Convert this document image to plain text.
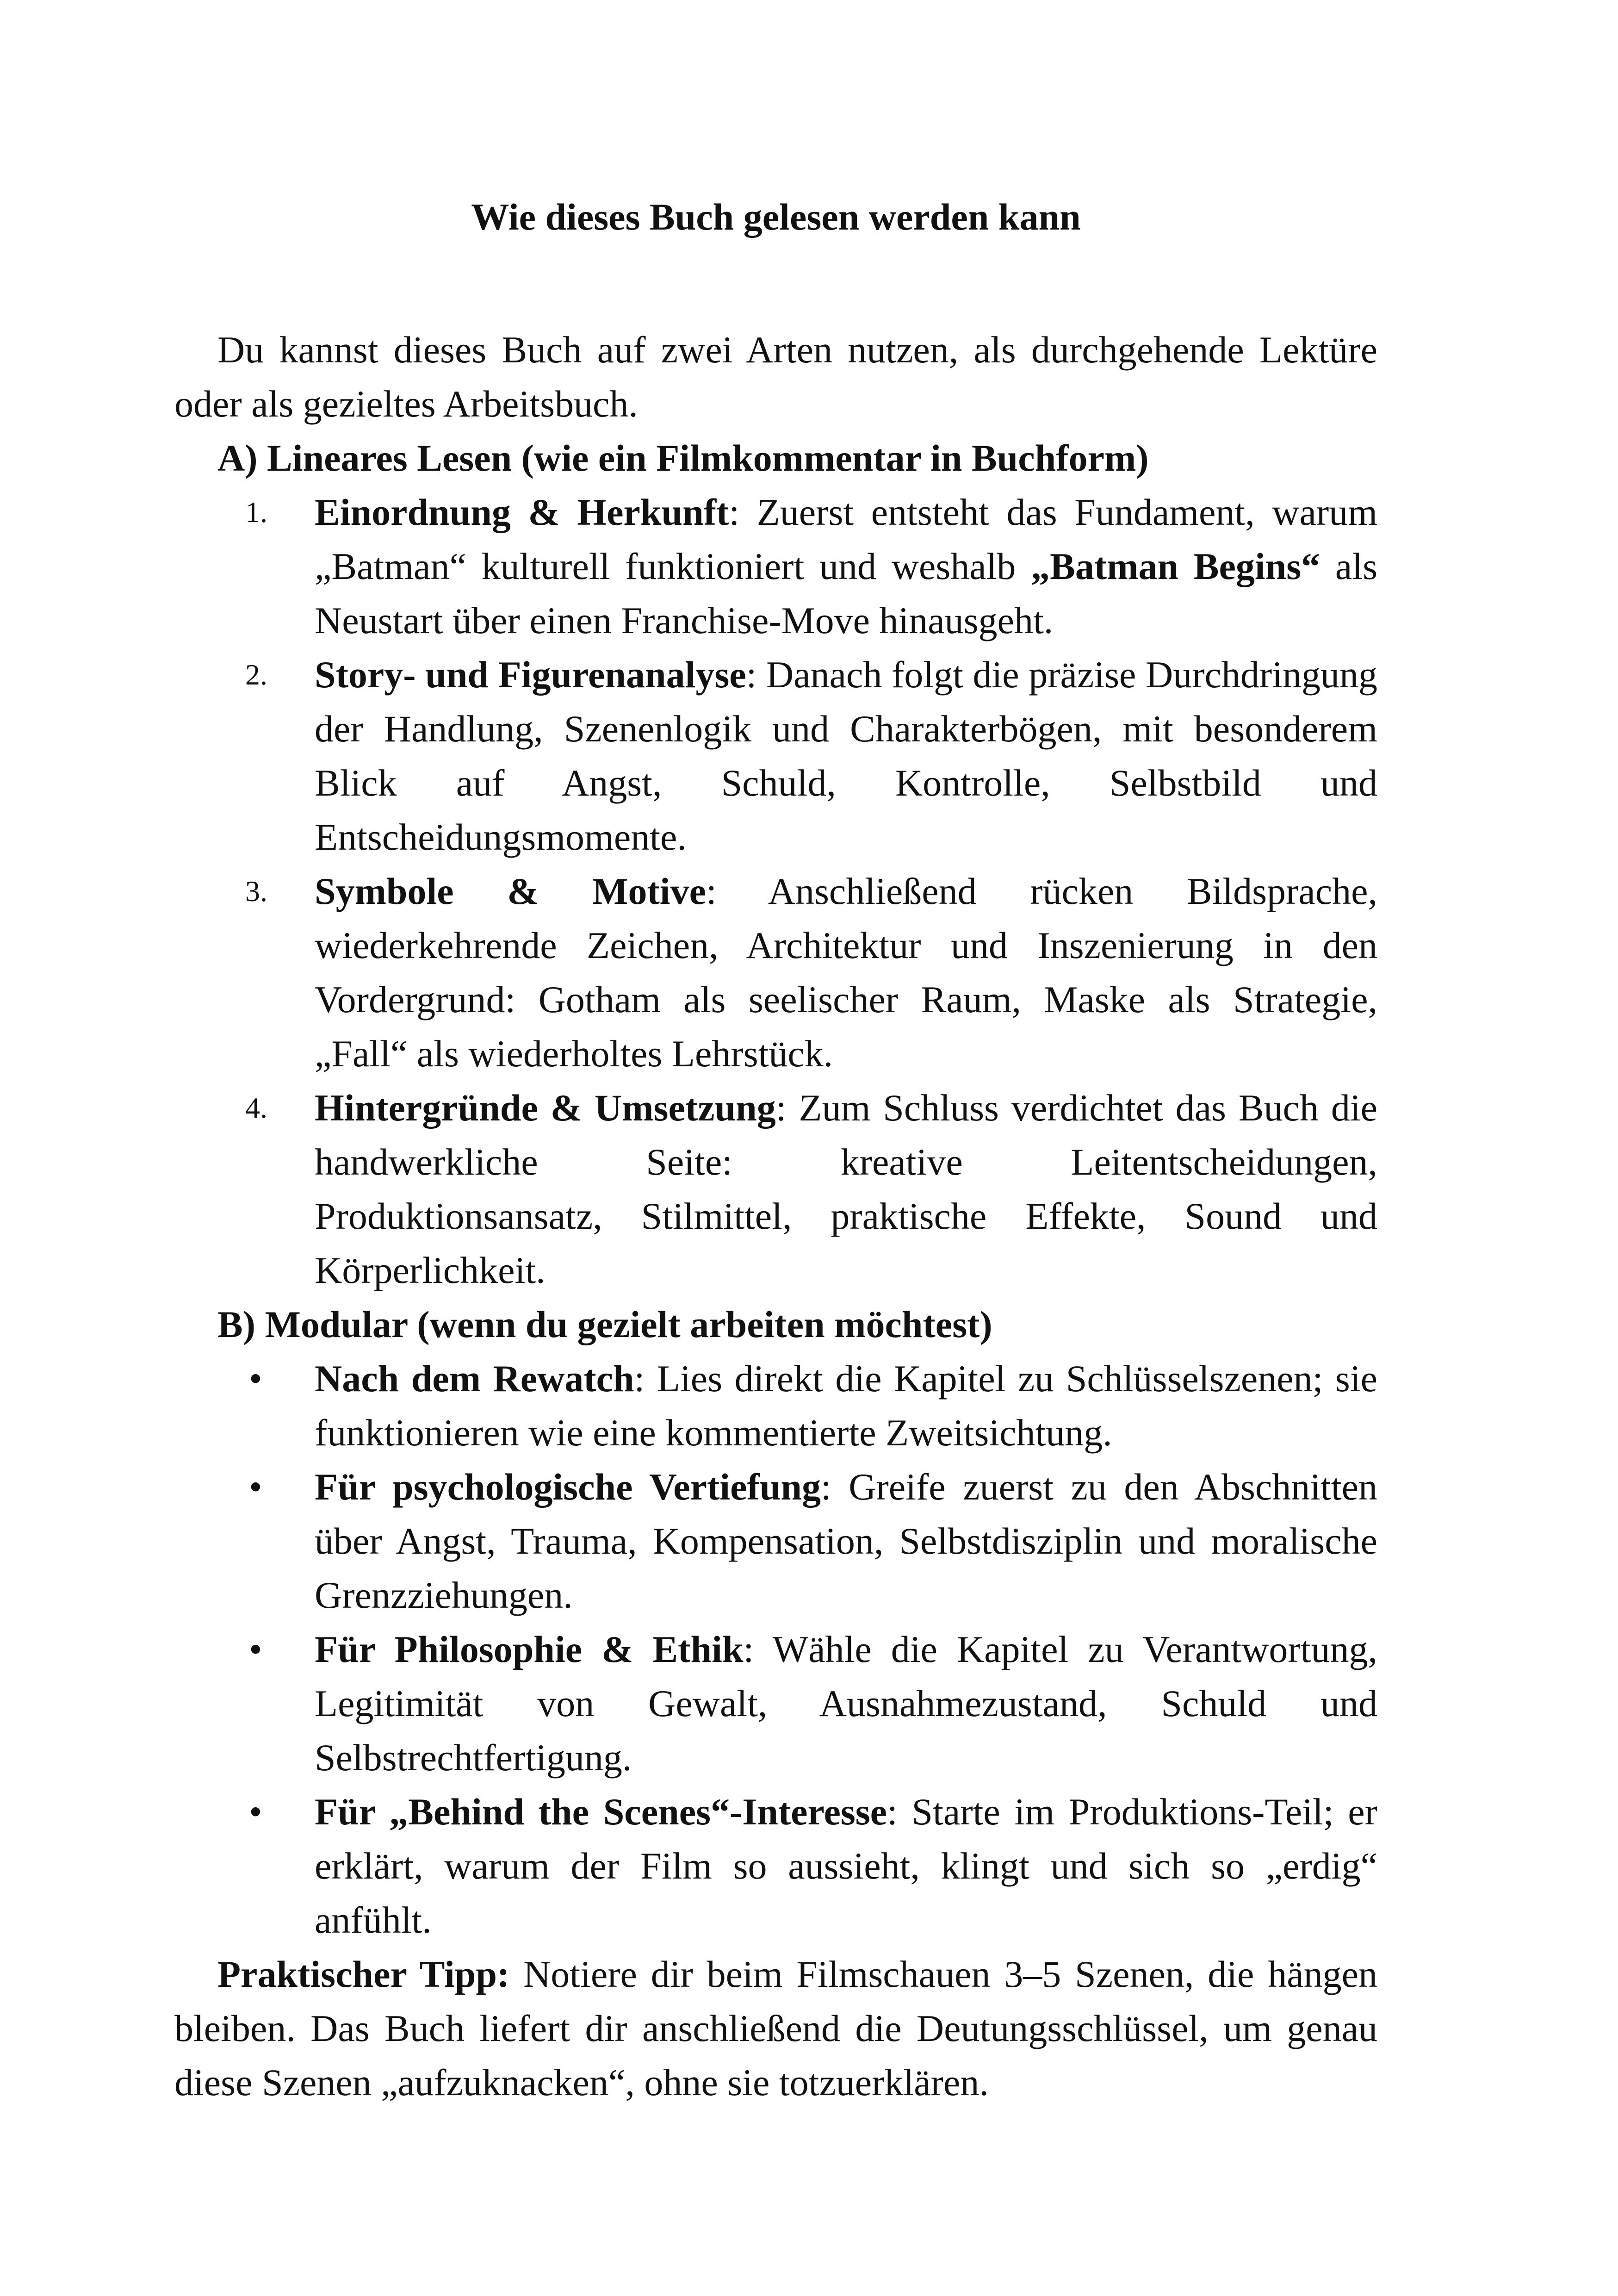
Wie dieses Buch gelesen werden kann

Du kannst dieses Buch auf zwei Arten nutzen, als durchgehende Lektüre oder als gezieltes Arbeitsbuch.

A) Lineares Lesen (wie ein Filmkommentar in Buchform)

1.	Einordnung & Herkunft: Zuerst entsteht das Fundament, warum „Batman“ kulturell funktioniert und weshalb „Batman Begins“ als Neustart über einen Franchise-Move hinausgeht.
2.	Story- und Figurenanalyse: Danach folgt die präzise Durchdringung der Handlung, Szenenlogik und Charakterbögen, mit besonderem Blick auf Angst, Schuld, Kontrolle, Selbstbild und Entscheidungsmomente.
3.	Symbole & Motive: Anschließend rücken Bildsprache, wiederkehrende Zeichen, Architektur und Inszenierung in den Vordergrund: Gotham als seelischer Raum, Maske als Strategie, „Fall“ als wiederholtes Lehrstück.
4.	Hintergründe & Umsetzung: Zum Schluss verdichtet das Buch die handwerkliche Seite: kreative Leitentscheidungen, Produktionsansatz, Stilmittel, praktische Effekte, Sound und Körperlichkeit.

B) Modular (wenn du gezielt arbeiten möchtest)

•	Nach dem Rewatch: Lies direkt die Kapitel zu Schlüsselszenen; sie funktionieren wie eine kommentierte Zweitsichtung.
•	Für psychologische Vertiefung: Greife zuerst zu den Abschnitten über Angst, Trauma, Kompensation, Selbstdisziplin und moralische Grenzziehungen.
•	Für Philosophie & Ethik: Wähle die Kapitel zu Verantwortung, Legitimität von Gewalt, Ausnahmezustand, Schuld und Selbstrechtfertigung.
•	Für „Behind the Scenes“-Interesse: Starte im Produktions-Teil; er erklärt, warum der Film so aussieht, klingt und sich so „erdig“ anfühlt.

Praktischer Tipp: Notiere dir beim Filmschauen 3–5 Szenen, die hängen bleiben. Das Buch liefert dir anschließend die Deutungsschlüssel, um genau diese Szenen „aufzuknacken“, ohne sie totzuerklären.
